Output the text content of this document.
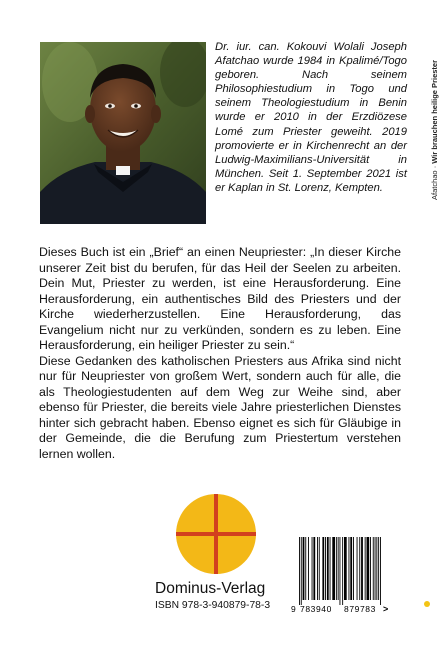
Dr. iur. can. Kokouvi Wolali Joseph Afatchao wurde 1984 in Kpalimé/Togo geboren. Nach seinem Philosophiestudium in Togo und seinem Theologiestudium in Benin wurde er 2010 in der Erzdiözese Lomé zum Priester geweiht. 2019 promovierte er in Kirchenrecht an der Ludwig-Maximilians-Universität in München. Seit 1. September 2021 ist er Kaplan in St. Lorenz, Kempten.	Afatchao · Wir brauchen heilige Priester

Dieses Buch ist ein „Brief“ an einen Neupriester: „In dieser Kirche unserer Zeit bist du berufen, für das Heil der Seelen zu arbeiten. Dein Mut, Priester zu werden, ist eine Herausforderung. Eine Herausforderung, ein authentisches Bild des Priesters und der Kirche wiederherzustellen. Eine Herausforderung, das Evangelium nicht nur zu verkünden, sondern es zu leben. Eine Herausforderung, ein heiliger Priester zu sein.“

Diese Gedanken des katholischen Priesters aus Afrika sind nicht nur für Neupriester von großem Wert, sondern auch für alle, die als Theologiestudenten auf dem Weg zur Weihe sind, aber ebenso für Priester, die bereits viele Jahre priesterlichen Dienstes hinter sich gebracht haben. Ebenso eignet es sich für Gläubige in der Gemeinde, die die Berufung zum Priestertum verstehen lernen wollen.

Dominus-Verlag
ISBN 978-3-940879-78-3 9 783940 879783 >
